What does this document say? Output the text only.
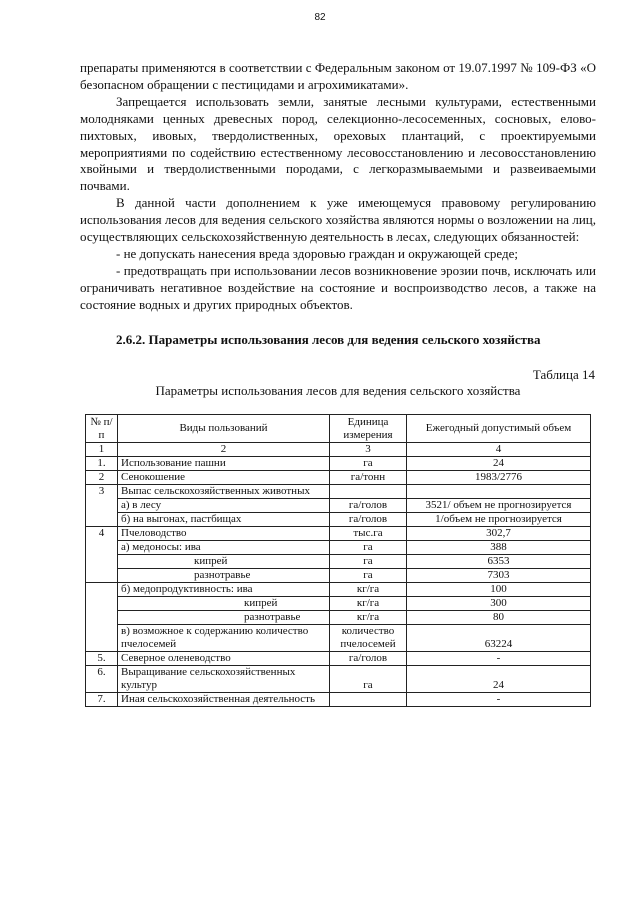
82

препараты применяются в соответствии с Федеральным законом от 19.07.1997 № 109-ФЗ «О безопасном обращении с пестицидами и агрохимикатами».

Запрещается использовать земли, занятые лесными культурами, естественными молодняками ценных древесных пород, селекционно-лесосеменных, сосновых, елово-пихтовых, ивовых, твердолиственных, ореховых плантаций, с проектируемыми мероприятиями по содействию естественному лесовосстановлению и лесовосстановлению хвойными и твердолиственными породами, с легкоразмываемыми и развеиваемыми почвами.

В данной части дополнением к уже имеющемуся правовому регулированию использования лесов для ведения сельского хозяйства являются нормы о возложении на лиц, осуществляющих сельскохозяйственную деятельность в лесах, следующих обязанностей:

- не допускать нанесения вреда здоровью граждан и окружающей среде;

- предотвращать при использовании лесов возникновение эрозии почв, исключать или ограничивать негативное воздействие на состояние и воспроизводство лесов, а также на состояние водных и других природных объектов.

2.6.2. Параметры использования лесов для ведения сельского хозяйства
Таблица 14
Параметры использования лесов для ведения сельского хозяйства
№ п/п	Виды пользований	Единица измерения	Ежегодный допустимый объем
1	2	3	4
1.	Использование пашни	га	24
2	Сенокошение	га/тонн	1983/2776
3	Выпас сельскохозяйственных животных		
	а) в лесу	га/голов	3521/ объем не прогнозируется
	б) на выгонах, пастбищах	га/голов	1/объем не прогнозируется
4	Пчеловодство	тыс.га	302,7
	а) медоносы: ива	га	388
	кипрей	га	6353
	разнотравье	га	7303
	б) медопродуктивность: ива	кг/га	100
	кипрей	кг/га	300
	разнотравье	кг/га	80
	в) возможное к содержанию количество пчелосемей	количество пчелосемей	63224
5.	Северное оленеводство	га/голов	-
6.	Выращивание сельскохозяйственных культур	га	24
7.	Иная сельскохозяйственная деятельность		-
